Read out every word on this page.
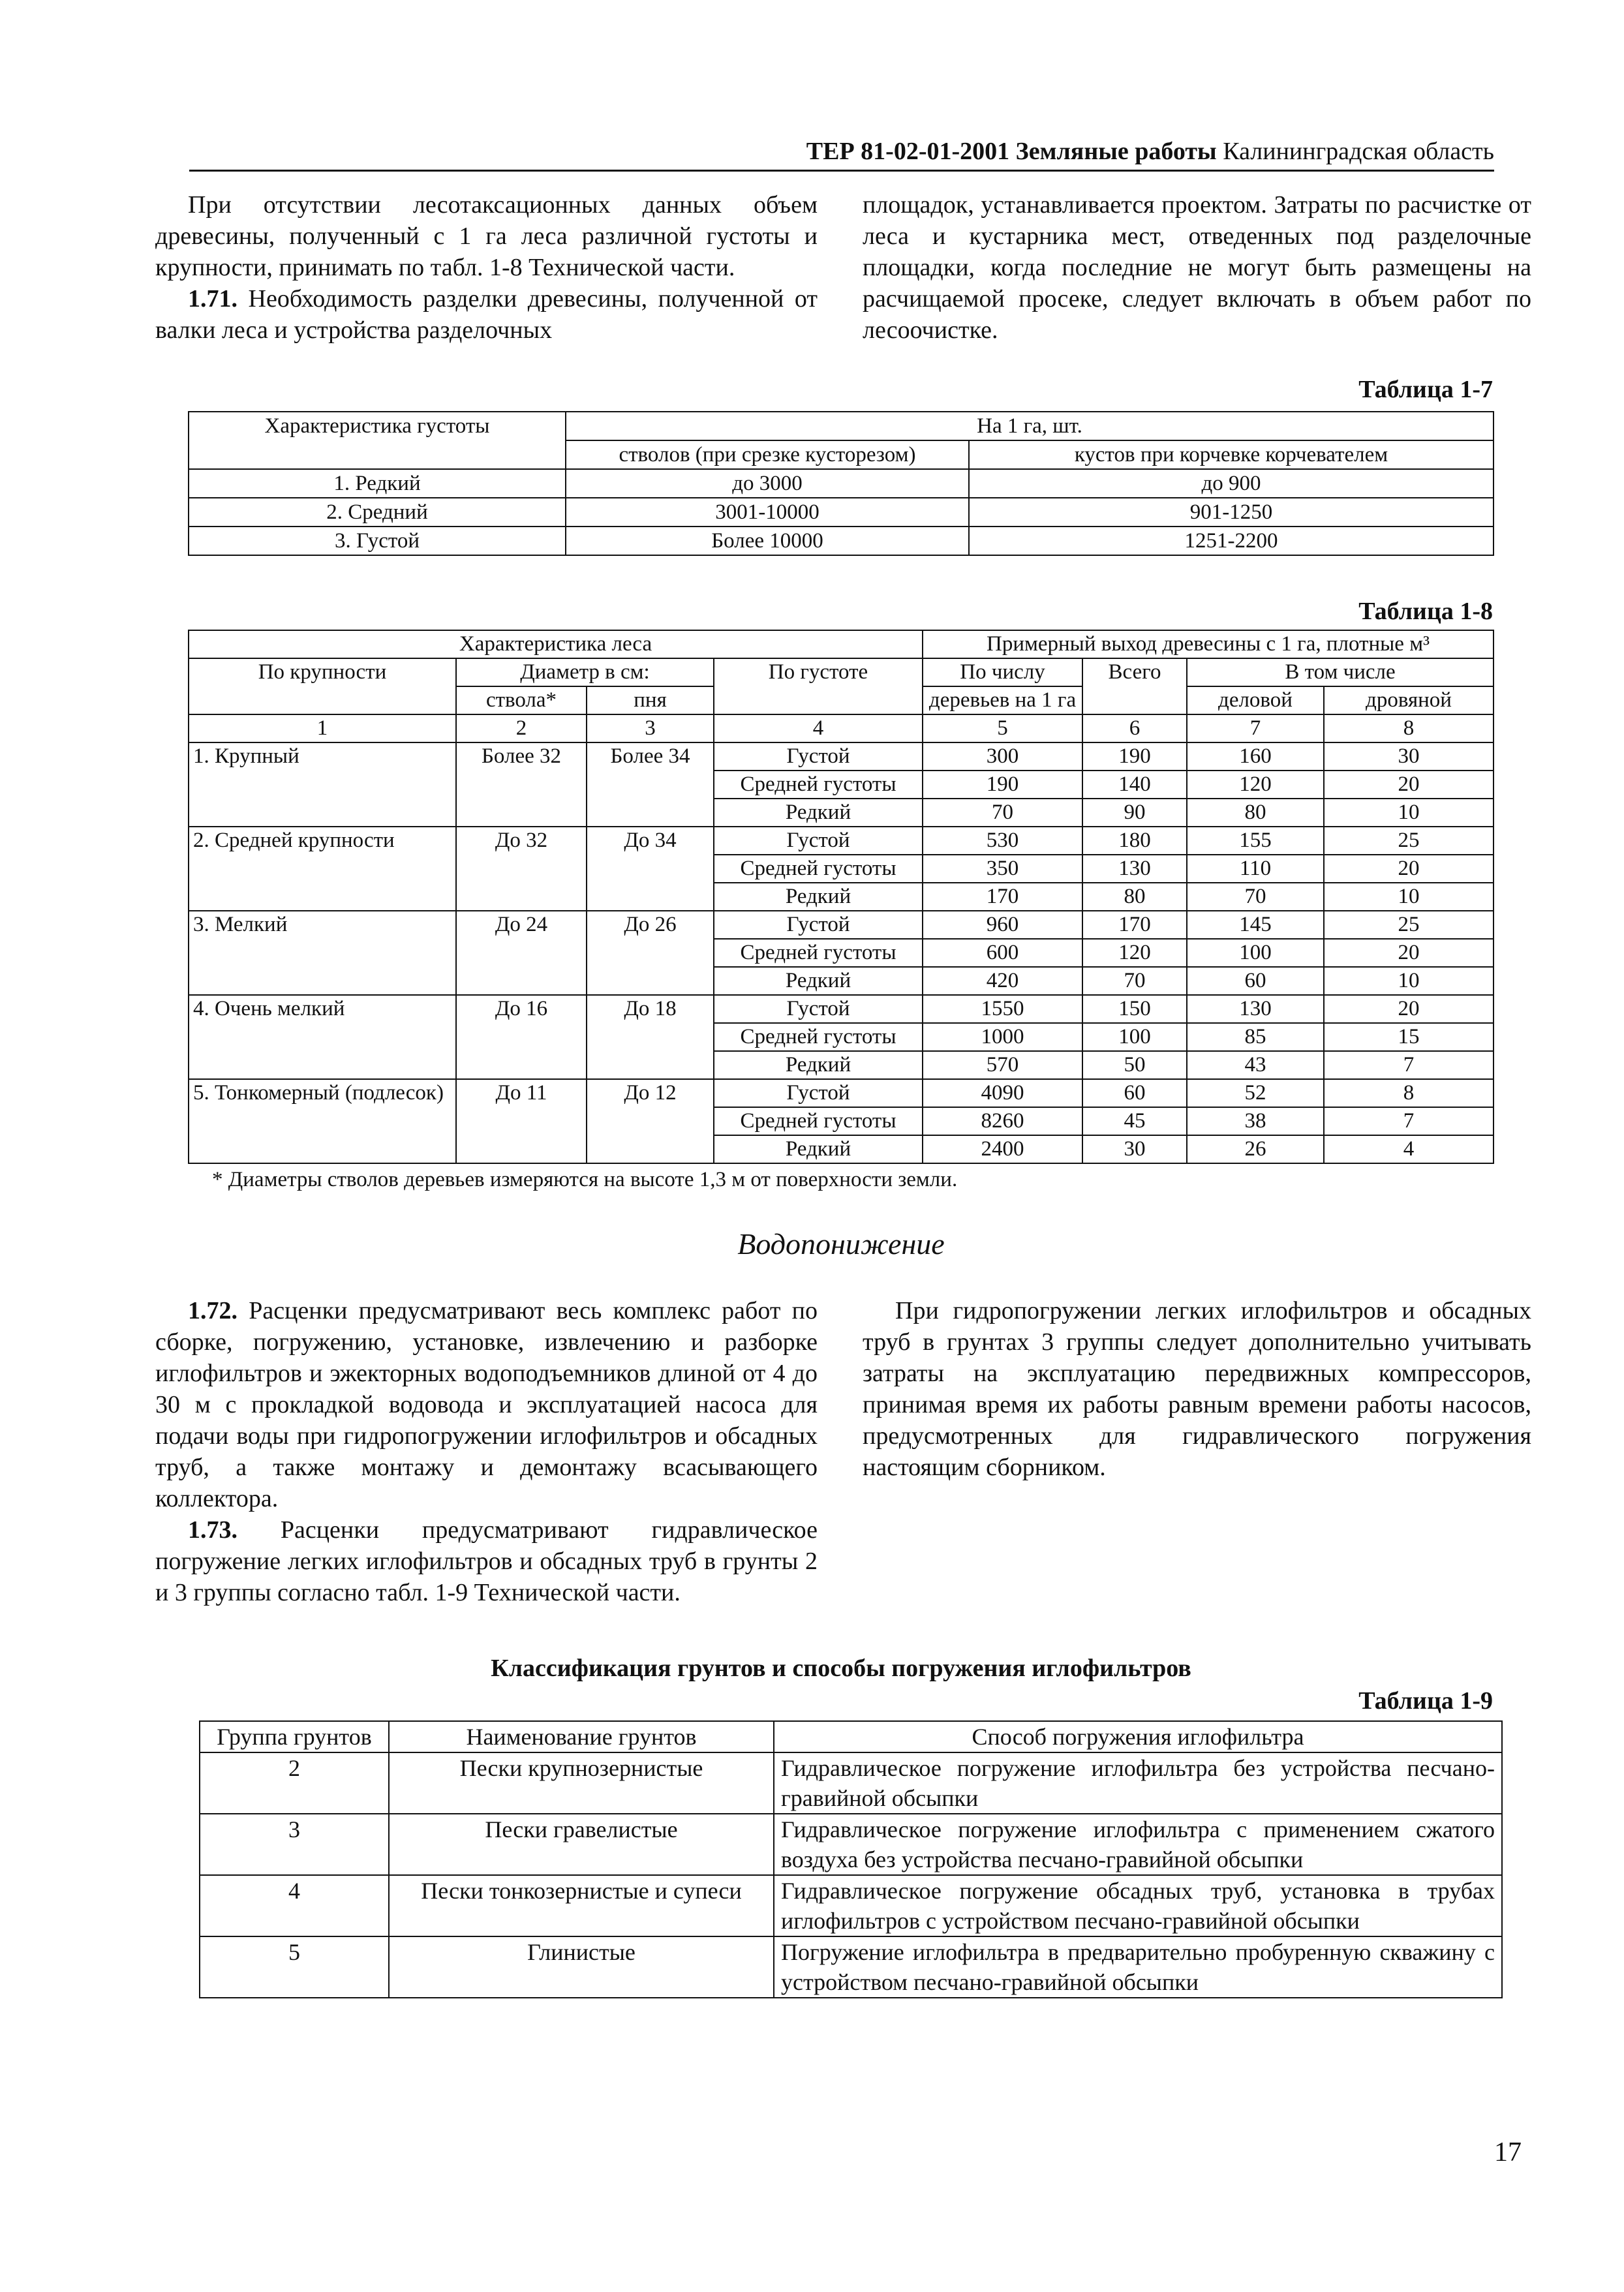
ТЕР 81-02-01-2001 Земляные работы Калининградская область

При отсутствии лесотаксационных данных объем древесины, полученный с 1 га леса различной густоты и крупности, принимать по табл. 1-8 Технической части.

1.71. Необходимость разделки древесины, полученной от валки леса и устройства разделочных

площадок, устанавливается проектом. Затраты по расчистке от леса и кустарника мест, отведенных под разделочные площадки, когда последние не могут быть размещены на расчищаемой просеке, следует включать в объем работ по лесоочистке.

Таблица 1-7
Характеристика густоты	На 1 га, шт.	
	стволов (при срезке кусторезом)	кустов при корчевке корчевателем
1. Редкий	до 3000	до 900
2. Средний	3001-10000	901-1250
3. Густой	Более 10000	1251-2200
Таблица 1-8
Характеристика леса				Примерный выход древесины с 1 га, плотные м³			
По крупности	Диаметр в см:		По густоте	По числу	Всего	В том числе	
	ствола*	пня		деревьев на 1 га		деловой	дровяной
1	2	3	4	5	6	7	8
1. Крупный	Более 32	Более 34	Густой	300	190	160	30
			Средней густоты	190	140	120	20
			Редкий	70	90	80	10
2. Средней крупности	До 32	До 34	Густой	530	180	155	25
			Средней густоты	350	130	110	20
			Редкий	170	80	70	10
3. Мелкий	До 24	До 26	Густой	960	170	145	25
			Средней густоты	600	120	100	20
			Редкий	420	70	60	10
4. Очень мелкий	До 16	До 18	Густой	1550	150	130	20
			Средней густоты	1000	100	85	15
			Редкий	570	50	43	7
5. Тонкомерный (подлесок)	До 11	До 12	Густой	4090	60	52	8
			Средней густоты	8260	45	38	7
			Редкий	2400	30	26	4
* Диаметры стволов деревьев измеряются на высоте 1,3 м от поверхности земли.
Водопонижение

1.72. Расценки предусматривают весь комплекс работ по сборке, погружению, установке, извлечению и разборке иглофильтров и эжекторных водоподъемников длиной от 4 до 30 м с прокладкой водовода и эксплуатацией насоса для подачи воды при гидропогружении иглофильтров и обсадных труб, а также монтажу и демонтажу всасывающего коллектора.

1.73. Расценки предусматривают гидравлическое погружение легких иглофильтров и обсадных труб в грунты 2 и 3 группы согласно табл. 1-9 Технической части.

При гидропогружении легких иглофильтров и обсадных труб в грунтах 3 группы следует дополнительно учитывать затраты на эксплуатацию передвижных компрессоров, принимая время их работы равным времени работы насосов, предусмотренных для гидравлического погружения настоящим сборником.

Классификация грунтов и способы погружения иглофильтров
Таблица 1-9
Группа грунтов	Наименование грунтов	Способ погружения иглофильтра
2	Пески крупнозернистые	Гидравлическое погружение иглофильтра без устройства песчано-гравийной обсыпки
3	Пески гравелистые	Гидравлическое погружение иглофильтра с применением сжатого воздуха без устройства песчано-гравийной обсыпки
4	Пески тонкозернистые и супеси	Гидравлическое погружение обсадных труб, установка в трубах иглофильтров с устройством песчано-гравийной обсыпки
5	Глинистые	Погружение иглофильтра в предварительно пробуренную скважину с устройством песчано-гравийной обсыпки
17
